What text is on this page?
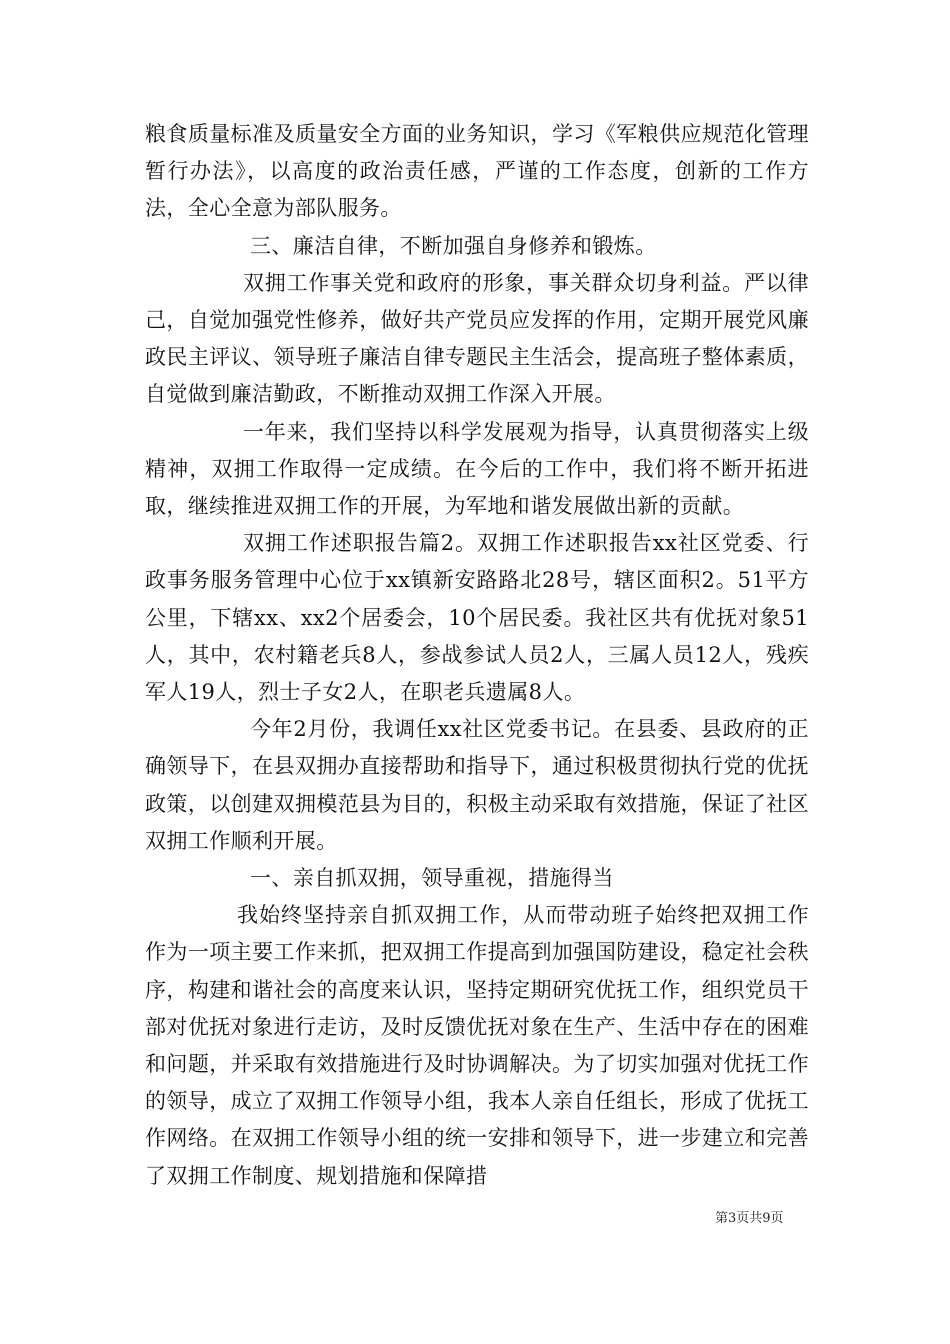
粮食质量标准及质量安全方面的业务知识，学习《军粮供应规范化管理暂行办法》，以高度的政治责任感，严谨的工作态度，创新的工作方法，全心全意为部队服务。

三、廉洁自律，不断加强自身修养和锻炼。

双拥工作事关党和政府的形象，事关群众切身利益。严以律己，自觉加强党性修养，做好共产党员应发挥的作用，定期开展党风廉政民主评议、领导班子廉洁自律专题民主生活会，提高班子整体素质，自觉做到廉洁勤政，不断推动双拥工作深入开展。

一年来，我们坚持以科学发展观为指导，认真贯彻落实上级精神，双拥工作取得一定成绩。在今后的工作中，我们将不断开拓进取，继续推进双拥工作的开展，为军地和谐发展做出新的贡献。

双拥工作述职报告篇2。双拥工作述职报告xx社区党委、行政事务服务管理中心位于xx镇新安路路北28号，辖区面积2。51平方公里，下辖xx、xx2个居委会，10个居民委。我社区共有优抚对象51人，其中，农村籍老兵8人，参战参试人员2人，三属人员12人，残疾军人19人，烈士子女2人，在职老兵遗属8人。

今年2月份，我调任xx社区党委书记。在县委、县政府的正确领导下，在县双拥办直接帮助和指导下，通过积极贯彻执行党的优抚政策，以创建双拥模范县为目的，积极主动采取有效措施，保证了社区双拥工作顺利开展。

一、亲自抓双拥，领导重视，措施得当

我始终坚持亲自抓双拥工作，从而带动班子始终把双拥工作作为一项主要工作来抓，把双拥工作提高到加强国防建设，稳定社会秩序，构建和谐社会的高度来认识，坚持定期研究优抚工作，组织党员干部对优抚对象进行走访，及时反馈优抚对象在生产、生活中存在的困难和问题，并采取有效措施进行及时协调解决。为了切实加强对优抚工作的领导，成立了双拥工作领导小组，我本人亲自任组长，形成了优抚工作网络。在双拥工作领导小组的统一安排和领导下，进一步建立和完善了双拥工作制度、规划措施和保障措

第3页共9页
